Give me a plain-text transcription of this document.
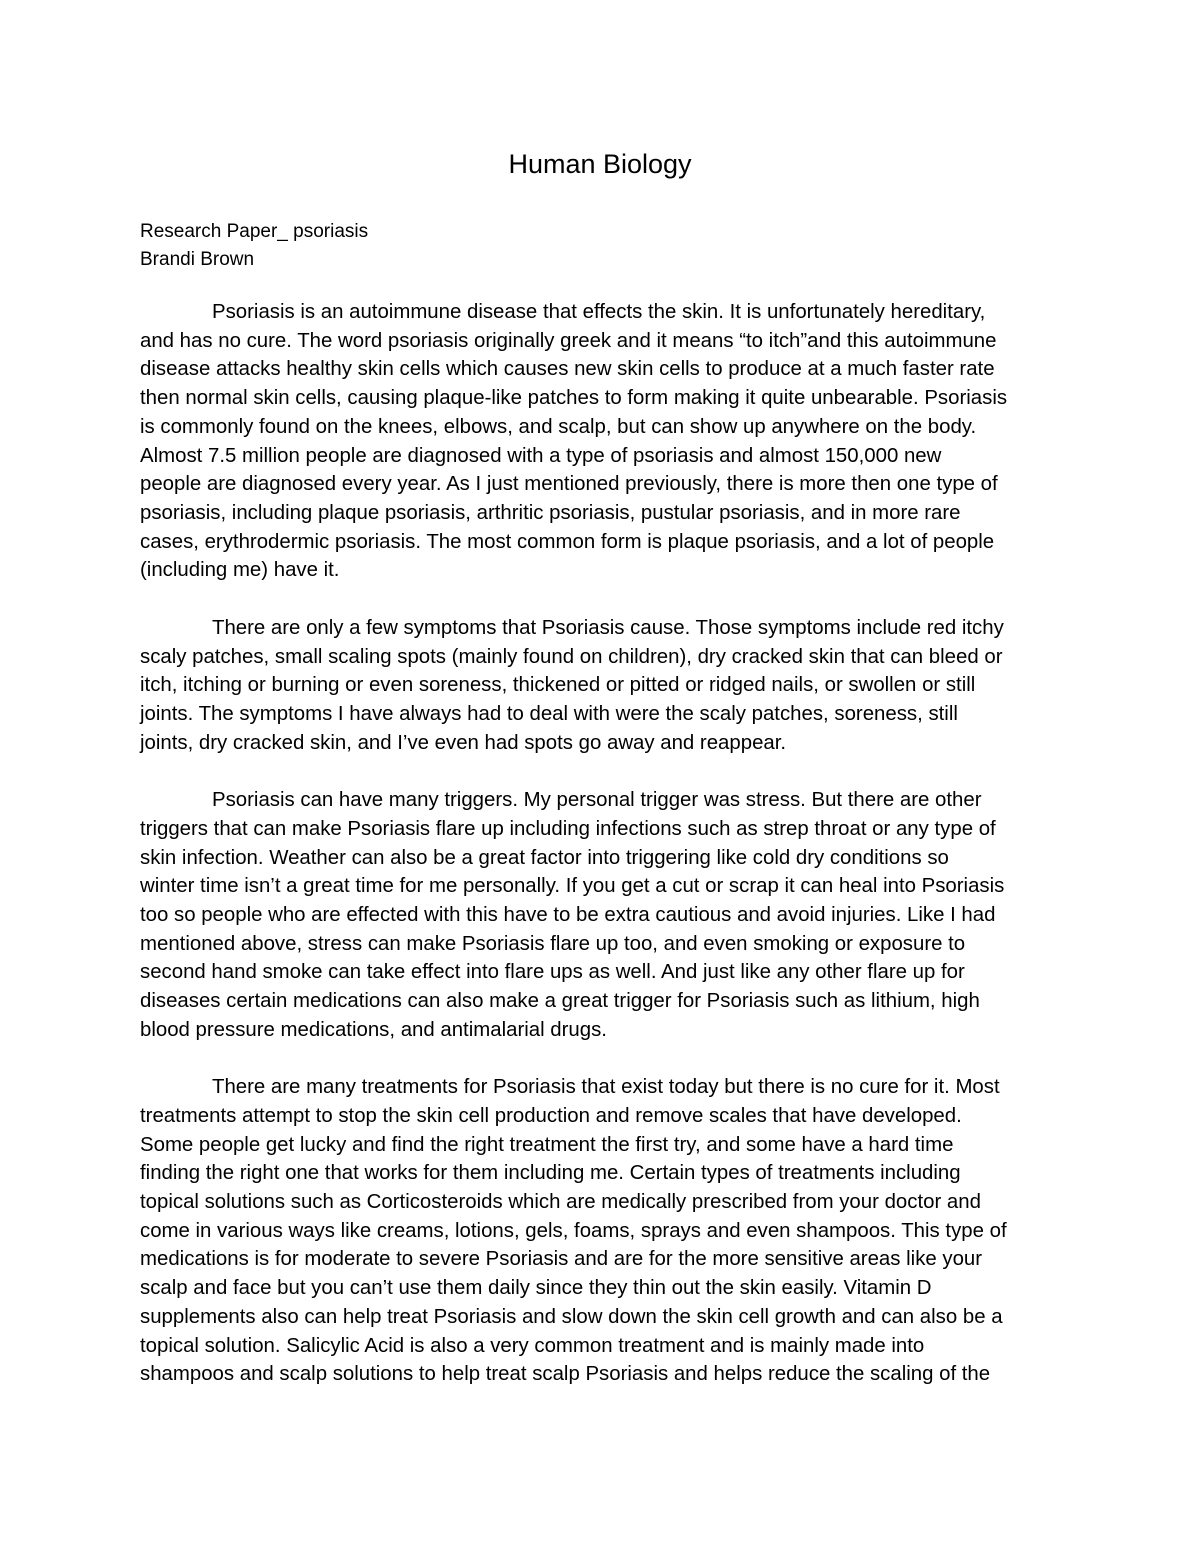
Human Biology
Research Paper_ psoriasis
Brandi Brown
Psoriasis is an autoimmune disease that effects the skin. It is unfortunately hereditary,
and has no cure. The word psoriasis originally greek and it means “to itch”and this autoimmune
disease attacks healthy skin cells which causes new skin cells to produce at a much faster rate
then normal skin cells, causing plaque-like patches to form making it quite unbearable. Psoriasis
is commonly found on the knees, elbows, and scalp, but can show up anywhere on the body.
Almost 7.5 million people are diagnosed with a type of psoriasis and almost 150,000 new
people are diagnosed every year. As I just mentioned previously, there is more then one type of
psoriasis, including plaque psoriasis, arthritic psoriasis, pustular psoriasis, and in more rare
cases, erythrodermic psoriasis. The most common form is plaque psoriasis, and a lot of people
(including me) have it.
There are only a few symptoms that Psoriasis cause. Those symptoms include red itchy
scaly patches, small scaling spots (mainly found on children), dry cracked skin that can bleed or
itch, itching or burning or even soreness, thickened or pitted or ridged nails, or swollen or still
joints. The symptoms I have always had to deal with were the scaly patches, soreness, still
joints, dry cracked skin, and I’ve even had spots go away and reappear.
Psoriasis can have many triggers. My personal trigger was stress. But there are other
triggers that can make Psoriasis flare up including infections such as strep throat or any type of
skin infection. Weather can also be a great factor into triggering like cold dry conditions so
winter time isn’t a great time for me personally. If you get a cut or scrap it can heal into Psoriasis
too so people who are effected with this have to be extra cautious and avoid injuries. Like I had
mentioned above, stress can make Psoriasis flare up too, and even smoking or exposure to
second hand smoke can take effect into flare ups as well. And just like any other flare up for
diseases certain medications can also make a great trigger for Psoriasis such as lithium, high
blood pressure medications, and antimalarial drugs.
There are many treatments for Psoriasis that exist today but there is no cure for it. Most
treatments attempt to stop the skin cell production and remove scales that have developed.
Some people get lucky and find the right treatment the first try, and some have a hard time
finding the right one that works for them including me. Certain types of treatments including
topical solutions such as Corticosteroids which are medically prescribed from your doctor and
come in various ways like creams, lotions, gels, foams, sprays and even shampoos. This type of
medications is for moderate to severe Psoriasis and are for the more sensitive areas like your
scalp and face but you can’t use them daily since they thin out the skin easily. Vitamin D
supplements also can help treat Psoriasis and slow down the skin cell growth and can also be a
topical solution. Salicylic Acid is also a very common treatment and is mainly made into
shampoos and scalp solutions to help treat scalp Psoriasis and helps reduce the scaling of the
